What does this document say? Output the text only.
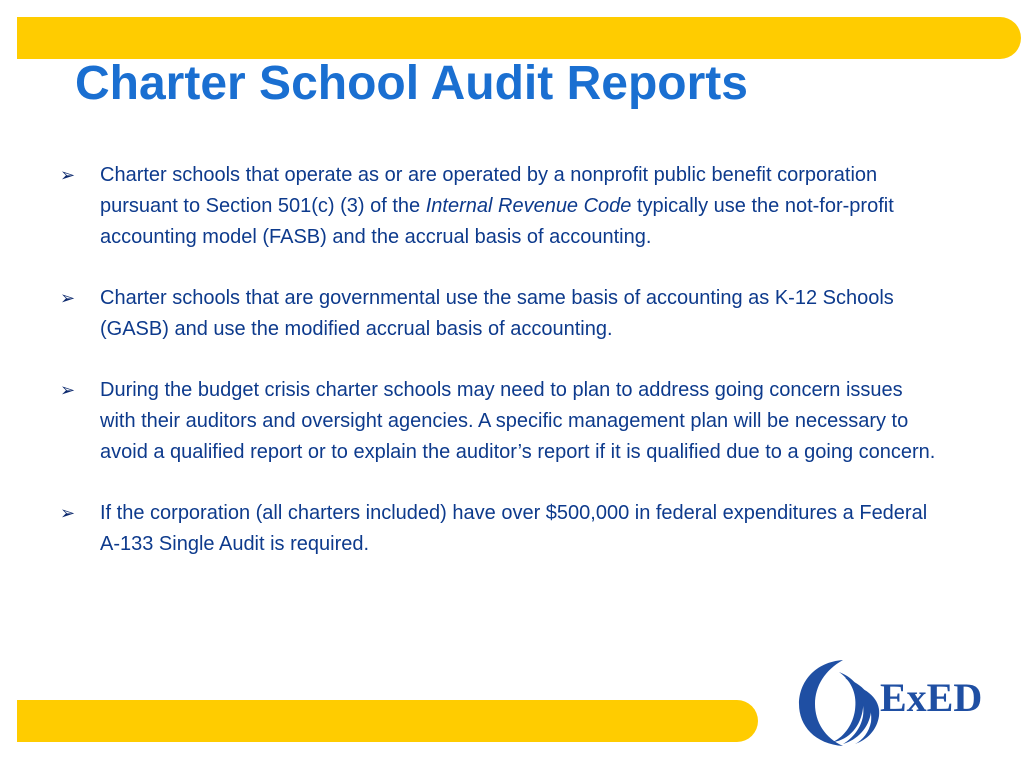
Charter School Audit Reports
➢ Charter schools that operate as or are operated by a nonprofit public benefit corporation pursuant to Section 501(c) (3) of the Internal Revenue Code typically use the not-for-profit accounting model (FASB) and the accrual basis of accounting.
➢ Charter schools that are governmental use the same basis of accounting as K-12 Schools (GASB) and use the modified accrual basis of accounting.
➢ During the budget crisis charter schools may need to plan to address going concern issues with their auditors and oversight agencies. A specific management plan will be necessary to avoid a qualified report or to explain the auditor’s report if it is qualified due to a going concern.
➢ If the corporation (all charters included) have over $500,000 in federal expenditures a Federal A-133 Single Audit is required.
ExED
